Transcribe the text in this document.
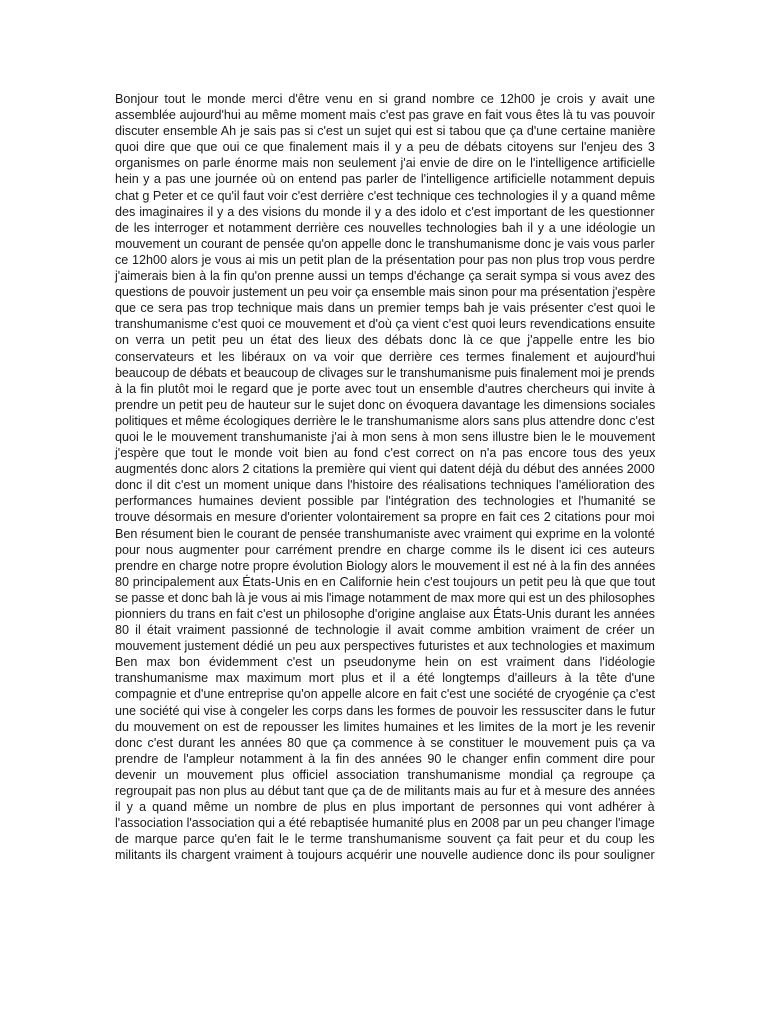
Bonjour tout le monde merci d'être venu en si grand nombre ce 12h00 je crois y avait une
assemblée aujourd'hui au même moment mais c'est pas grave en fait vous êtes là tu vas pouvoir
discuter ensemble Ah je sais pas si c'est un sujet qui est si tabou que ça d'une certaine manière
quoi dire que que oui ce que finalement mais il y a peu de débats citoyens sur l'enjeu des 3
organismes on parle énorme mais non seulement j'ai envie de dire on le l'intelligence artificielle
hein y a pas une journée où on entend pas parler de l'intelligence artificielle notamment depuis
chat g Peter et ce qu'il faut voir c'est derrière c'est technique ces technologies il y a quand même
des imaginaires il y a des visions du monde il y a des idolo et c'est important de les questionner
de les interroger et notamment derrière ces nouvelles technologies bah il y a une idéologie un
mouvement un courant de pensée qu'on appelle donc le transhumanisme donc je vais vous parler
ce 12h00 alors je vous ai mis un petit plan de la présentation pour pas non plus trop vous perdre
j'aimerais bien à la fin qu'on prenne aussi un temps d'échange ça serait sympa si vous avez des
questions de pouvoir justement un peu voir ça ensemble mais sinon pour ma présentation j'espère
que ce sera pas trop technique mais dans un premier temps bah je vais présenter c'est quoi le
transhumanisme c'est quoi ce mouvement et d'où ça vient c'est quoi leurs revendications ensuite
on verra un petit peu un état des lieux des débats donc là ce que j'appelle entre les bio
conservateurs et les libéraux on va voir que derrière ces termes finalement et aujourd'hui
beaucoup de débats et beaucoup de clivages sur le transhumanisme puis finalement moi je prends
à la fin plutôt moi le regard que je porte avec tout un ensemble d'autres chercheurs qui invite à
prendre un petit peu de hauteur sur le sujet donc on évoquera davantage les dimensions sociales
politiques et même écologiques derrière le le transhumanisme alors sans plus attendre donc c'est
quoi le le mouvement transhumaniste j'ai à mon sens à mon sens illustre bien le le mouvement
j'espère que tout le monde voit bien au fond c'est correct on n'a pas encore tous des yeux
augmentés donc alors 2 citations la première qui vient qui datent déjà du début des années 2000
donc il dit c'est un moment unique dans l'histoire des réalisations techniques l'amélioration des
performances humaines devient possible par l'intégration des technologies et l'humanité se
trouve désormais en mesure d'orienter volontairement sa propre en fait ces 2 citations pour moi
Ben résument bien le courant de pensée transhumaniste avec vraiment qui exprime en la volonté
pour nous augmenter pour carrément prendre en charge comme ils le disent ici ces auteurs
prendre en charge notre propre évolution Biology alors le mouvement il est né à la fin des années
80 principalement aux États-Unis en en Californie hein c'est toujours un petit peu là que que tout
se passe et donc bah là je vous ai mis l'image notamment de max more qui est un des philosophes
pionniers du trans en fait c'est un philosophe d'origine anglaise aux États-Unis durant les années
80 il était vraiment passionné de technologie il avait comme ambition vraiment de créer un
mouvement justement dédié un peu aux perspectives futuristes et aux technologies et maximum
Ben max bon évidemment c'est un pseudonyme hein on est vraiment dans l'idéologie
transhumanisme max maximum mort plus et il a été longtemps d'ailleurs à la tête d'une
compagnie et d'une entreprise qu'on appelle alcore en fait c'est une société de cryogénie ça c'est
une société qui vise à congeler les corps dans les formes de pouvoir les ressusciter dans le futur
du mouvement on est de repousser les limites humaines et les limites de la mort je les revenir
donc c'est durant les années 80 que ça commence à se constituer le mouvement puis ça va
prendre de l'ampleur notamment à la fin des années 90 le changer enfin comment dire pour
devenir un mouvement plus officiel association transhumanisme mondial ça regroupe ça
regroupait pas non plus au début tant que ça de de militants mais au fur et à mesure des années
il y a quand même un nombre de plus en plus important de personnes qui vont adhérer à
l'association l'association qui a été rebaptisée humanité plus en 2008 par un peu changer l'image
de marque parce qu'en fait le le terme transhumanisme souvent ça fait peur et du coup les
militants ils chargent vraiment à toujours acquérir une nouvelle audience donc ils pour souligner
